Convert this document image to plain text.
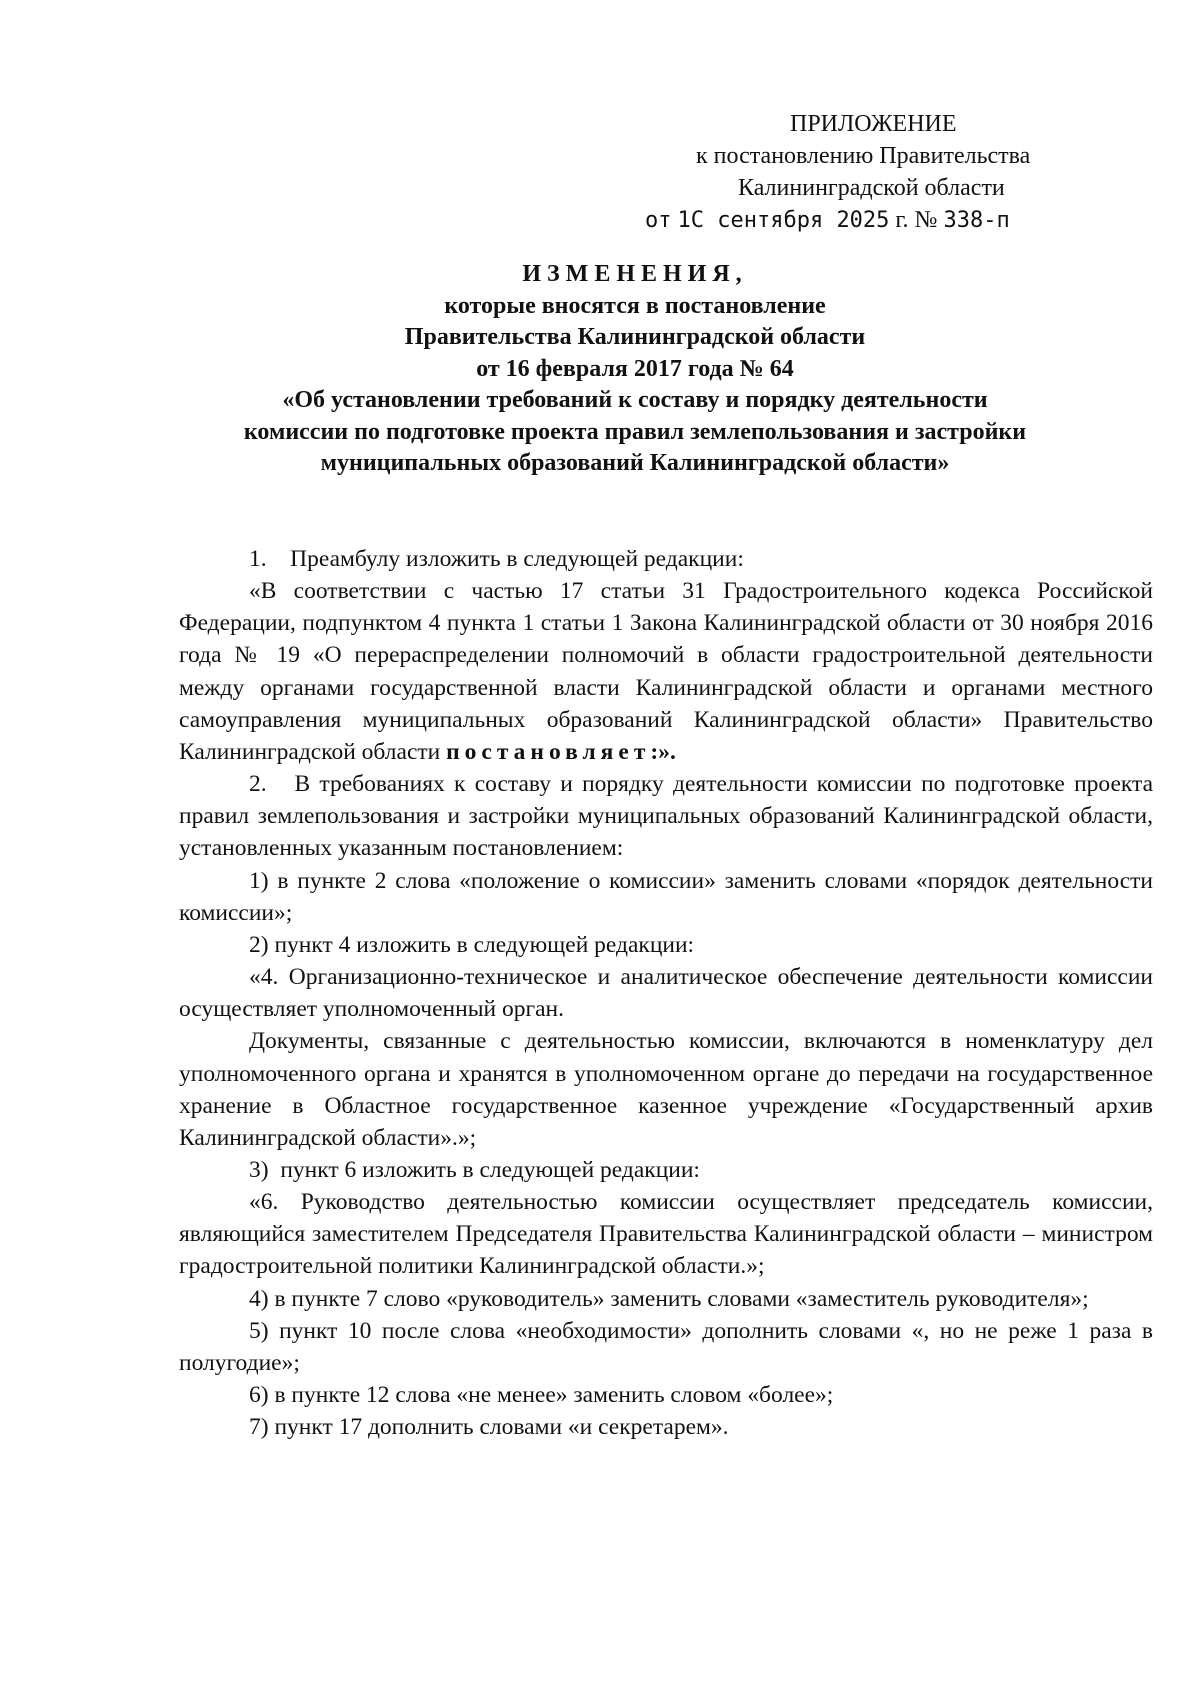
ПРИЛОЖЕНИЕ
к постановлению Правительства
Калининградской области
от 1С сентября 2025 г. № 338-п
ИЗМЕНЕНИЯ,
которые вносятся в постановление
Правительства Калининградской области
от 16 февраля 2017 года № 64
«Об установлении требований к составу и порядку деятельности
комиссии по подготовке проекта правил землепользования и застройки
муниципальных образований Калининградской области»

1.    Преамбулу изложить в следующей редакции:

«В соответствии с частью 17 статьи 31 Градостроительного кодекса Российской Федерации, подпунктом 4 пункта 1 статьи 1 Закона Калининградской области от 30 ноября 2016 года № 19 «О перераспределении полномочий в области градостроительной деятельности между органами государственной власти Калининградской области и органами местного самоуправления муниципальных образований Калининградской области» Правительство Калининградской области постановляет:».

2.   В требованиях к составу и порядку деятельности комиссии по подготовке проекта правил землепользования и застройки муниципальных образований Калининградской области, установленных указанным постановлением:

1) в пункте 2 слова «положение о комиссии» заменить словами «порядок деятельности комиссии»;

2) пункт 4 изложить в следующей редакции:

«4. Организационно-техническое и аналитическое обеспечение деятельности комиссии осуществляет уполномоченный орган.

Документы, связанные с деятельностью комиссии, включаются в номенклатуру дел уполномоченного органа и хранятся в уполномоченном органе до передачи на государственное хранение в Областное государственное казенное учреждение «Государственный архив Калининградской области».»;

3)  пункт 6 изложить в следующей редакции:

«6. Руководство деятельностью комиссии осуществляет председатель комиссии, являющийся заместителем Председателя Правительства Калининградской области – министром градостроительной политики Калининградской области.»;

4) в пункте 7 слово «руководитель» заменить словами «заместитель руководителя»;

5) пункт 10 после слова «необходимости» дополнить словами «, но не реже 1 раза в полугодие»;

6) в пункте 12 слова «не менее» заменить словом «более»;

7) пункт 17 дополнить словами «и секретарем».
